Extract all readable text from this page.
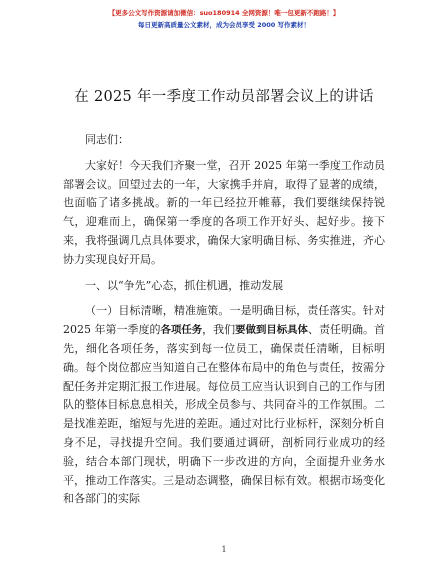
【更多公文写作资源请加微信：suo180914 全网资源！唯一包更新不跑路！】
每日更新高质量公文素材，成为会员享受 2000 写作素材！
在 2025 年一季度工作动员部署会议上的讲话

同志们：

大家好！今天我们齐聚一堂，召开 2025 年第一季度工作动员部署会议。回望过去的一年，大家携手并肩，取得了显著的成绩，也面临了诸多挑战。新的一年已经拉开帷幕，我们要继续保持锐气，迎难而上，确保第一季度的各项工作开好头、起好步。接下来，我将强调几点具体要求，确保大家明确目标、务实推进，齐心协力实现良好开局。

一、以“争先”心态，抓住机遇，推动发展

（一）目标清晰，精准施策。一是明确目标，责任落实。针对 2025 年第一季度的各项任务，我们要做到目标具体、责任明确。首先，细化各项任务，落实到每一位员工，确保责任清晰，目标明确。每个岗位都应当知道自己在整体布局中的角色与责任，按需分配任务并定期汇报工作进展。每位员工应当认识到自己的工作与团队的整体目标息息相关，形成全员参与、共同奋斗的工作氛围。二是找准差距，缩短与先进的差距。通过对比行业标杆，深刻分析自身不足，寻找提升空间。我们要通过调研，剖析同行业成功的经验，结合本部门现状，明确下一步改进的方向，全面提升业务水平，推动工作落实。三是动态调整，确保目标有效。根据市场变化和各部门的实际

1
